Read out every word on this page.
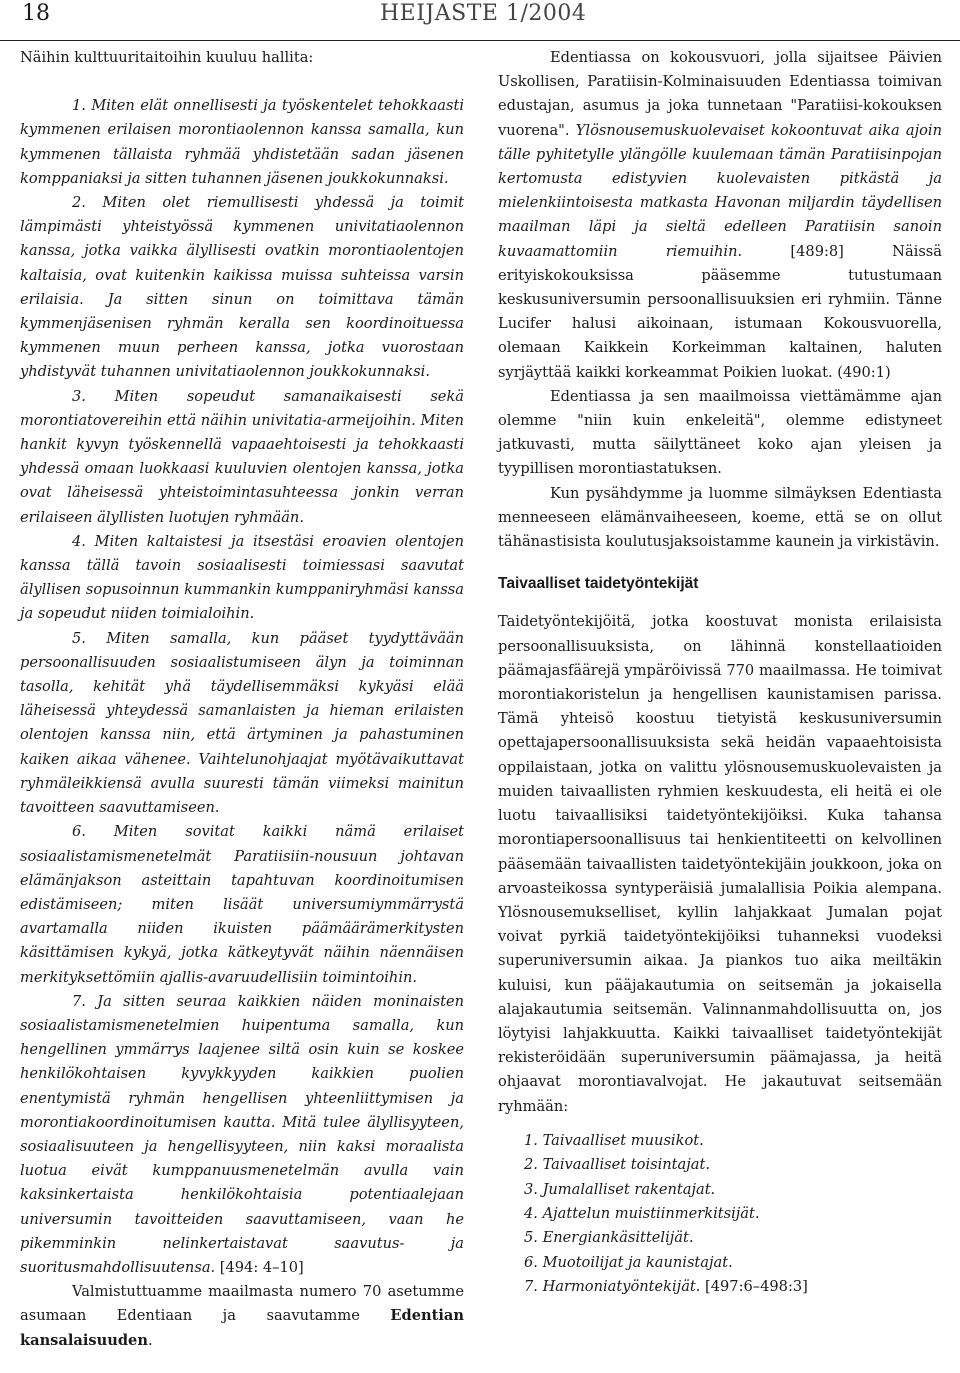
18	HEIJASTE 1/2004

Näihin kulttuuritaitoihin kuuluu hallita:

1. Miten elät onnellisesti ja työskentelet tehokkaasti kymmenen erilaisen morontiaolennon kanssa samalla, kun kymmenen tällaista ryhmää yhdistetään sadan jäsenen komppaniaksi ja sitten tuhannen jäsenen joukkokunnaksi.

2. Miten olet riemullisesti yhdessä ja toimit lämpimästi yhteistyössä kymmenen univitatiaolennon kanssa, jotka vaikka älyllisesti ovatkin morontiaolentojen kaltaisia, ovat kuitenkin kaikissa muissa suhteissa varsin erilaisia. Ja sitten sinun on toimittava tämän kymmenjäsenisen ryhmän keralla sen koordinoituessa kymmenen muun perheen kanssa, jotka vuorostaan yhdistyvät tuhannen univitatiaolennon joukkokunnaksi.

3. Miten sopeudut samanaikaisesti sekä morontiatovereihin että näihin univitatia-armeijoihin. Miten hankit kyvyn työskennellä vapaaehtoisesti ja tehokkaasti yhdessä omaan luokkaasi kuuluvien olentojen kanssa, jotka ovat läheisessä yhteistoimintasuhteessa jonkin verran erilaiseen älyllisten luotujen ryhmään.

4. Miten kaltaistesi ja itsestäsi eroavien olentojen kanssa tällä tavoin sosiaalisesti toimiessasi saavutat älyllisen sopusoinnun kummankin kumppaniryhmäsi kanssa ja sopeudut niiden toimialoihin.

5. Miten samalla, kun pääset tyydyttävään persoonallisuuden sosiaalistumiseen älyn ja toiminnan tasolla, kehität yhä täydellisemmäksi kykyäsi elää läheisessä yhteydessä samanlaisten ja hieman erilaisten olentojen kanssa niin, että ärtyminen ja pahastuminen kaiken aikaa vähenee. Vaihtelunohjaajat myötävaikuttavat ryhmäleikkiensä avulla suuresti tämän viimeksi mainitun tavoitteen saavuttamiseen.

6. Miten sovitat kaikki nämä erilaiset sosiaalistamismenetelmät Paratiisiin-nousuun johtavan elämänjakson asteittain tapahtuvan koordinoitumisen edistämiseen; miten lisäät universumiymmärrystä avartamalla niiden ikuisten päämäärämerkitysten käsittämisen kykyä, jotka kätkeytyvät näihin näennäisen merkityksettömiin ajallis-avaruudellisiin toimintoihin.

7. Ja sitten seuraa kaikkien näiden moninaisten sosiaalistamismenetelmien huipentuma samalla, kun hengellinen ymmärrys laajenee siltä osin kuin se koskee henkilökohtaisen kyvykkyyden kaikkien puolien enentymistä ryhmän hengellisen yhteenliittymisen ja morontiakoordinoitumisen kautta. Mitä tulee älyllisyyteen, sosiaalisuuteen ja hengellisyyteen, niin kaksi moraalista luotua eivät kumppanuusmenetelmän avulla vain kaksinkertaista henkilökohtaisia potentiaalejaan universumin tavoitteiden saavuttamiseen, vaan he pikemminkin nelinkertaistavat saavutus- ja suoritusmahdollisuutensa. [494: 4–10]

Valmistuttuamme maailmasta numero 70 asetumme asumaan Edentiaan ja saavutamme Edentian kansalaisuuden.

Edentiassa on kokousvuori, jolla sijaitsee Päivien Uskollisen, Paratiisin-Kolminaisuuden Edentiassa toimivan edustajan, asumus ja joka tunnetaan "Paratiisi-kokouksen vuorena". Ylösnousemuskuolevaiset kokoontuvat aika ajoin tälle pyhitetylle ylängölle kuulemaan tämän Paratiisinpojan kertomusta edistyvien kuolevaisten pitkästä ja mielenkiintoisesta matkasta Havonan miljardin täydellisen maailman läpi ja sieltä edelleen Paratiisin sanoin kuvaamattomiin riemuihin. [489:8] Näissä erityiskokouksissa pääsemme tutustumaan keskusuniversumin persoonallisuuksien eri ryhmiin. Tänne Lucifer halusi aikoinaan, istumaan Kokousvuorella, olemaan Kaikkein Korkeimman kaltainen, haluten syrjäyttää kaikki korkeammat Poikien luokat. (490:1)

Edentiassa ja sen maailmoissa viettämämme ajan olemme "niin kuin enkeleitä", olemme edistyneet jatkuvasti, mutta säilyttäneet koko ajan yleisen ja tyypillisen morontiastatuksen.

Kun pysähdymme ja luomme silmäyksen Edentiasta menneeseen elämänvaiheeseen, koeme, että se on ollut tähänastisista koulutusjaksoistamme kaunein ja virkistävin.

Taivaalliset taidetyöntekijät

Taidetyöntekijöitä, jotka koostuvat monista erilaisista persoonallisuuksista, on lähinnä konstellaatioiden päämajasfäärejä ympäröivissä 770 maailmassa. He toimivat morontiakoristelun ja hengellisen kaunistamisen parissa. Tämä yhteisö koostuu tietyistä keskusuniversumin opettajapersoonallisuuksista sekä heidän vapaaehtoisista oppilaistaan, jotka on valittu ylösnousemuskuolevaisten ja muiden taivaallisten ryhmien keskuudesta, eli heitä ei ole luotu taivaallisiksi taidetyöntekijöiksi. Kuka tahansa morontiapersoonallisuus tai henkientiteetti on kelvollinen pääsemään taivaallisten taidetyöntekijäin joukkoon, joka on arvoasteikossa syntyperäisiä jumalallisia Poikia alempana. Ylösnousemukselliset, kyllin lahjakkaat Jumalan pojat voivat pyrkiä taidetyöntekijöiksi tuhanneksi vuodeksi superuniversumin aikaa. Ja piankos tuo aika meiltäkin kuluisi, kun pääjakautumia on seitsemän ja jokaisella alajakautumia seitsemän. Valinnanmahdollisuutta on, jos löytyisi lahjakkuutta. Kaikki taivaalliset taidetyöntekijät rekisteröidään superuniversumin päämajassa, ja heitä ohjaavat morontiavalvojat. He jakautuvat seitsemään ryhmään:

1. Taivaalliset muusikot.
2. Taivaalliset toisintajat.
3. Jumalalliset rakentajat.
4. Ajattelun muistiinmerkitsijät.
5. Energiankäsittelijät.
6. Muotoilijat ja kaunistajat.
7. Harmoniatyöntekijät. [497:6–498:3]
